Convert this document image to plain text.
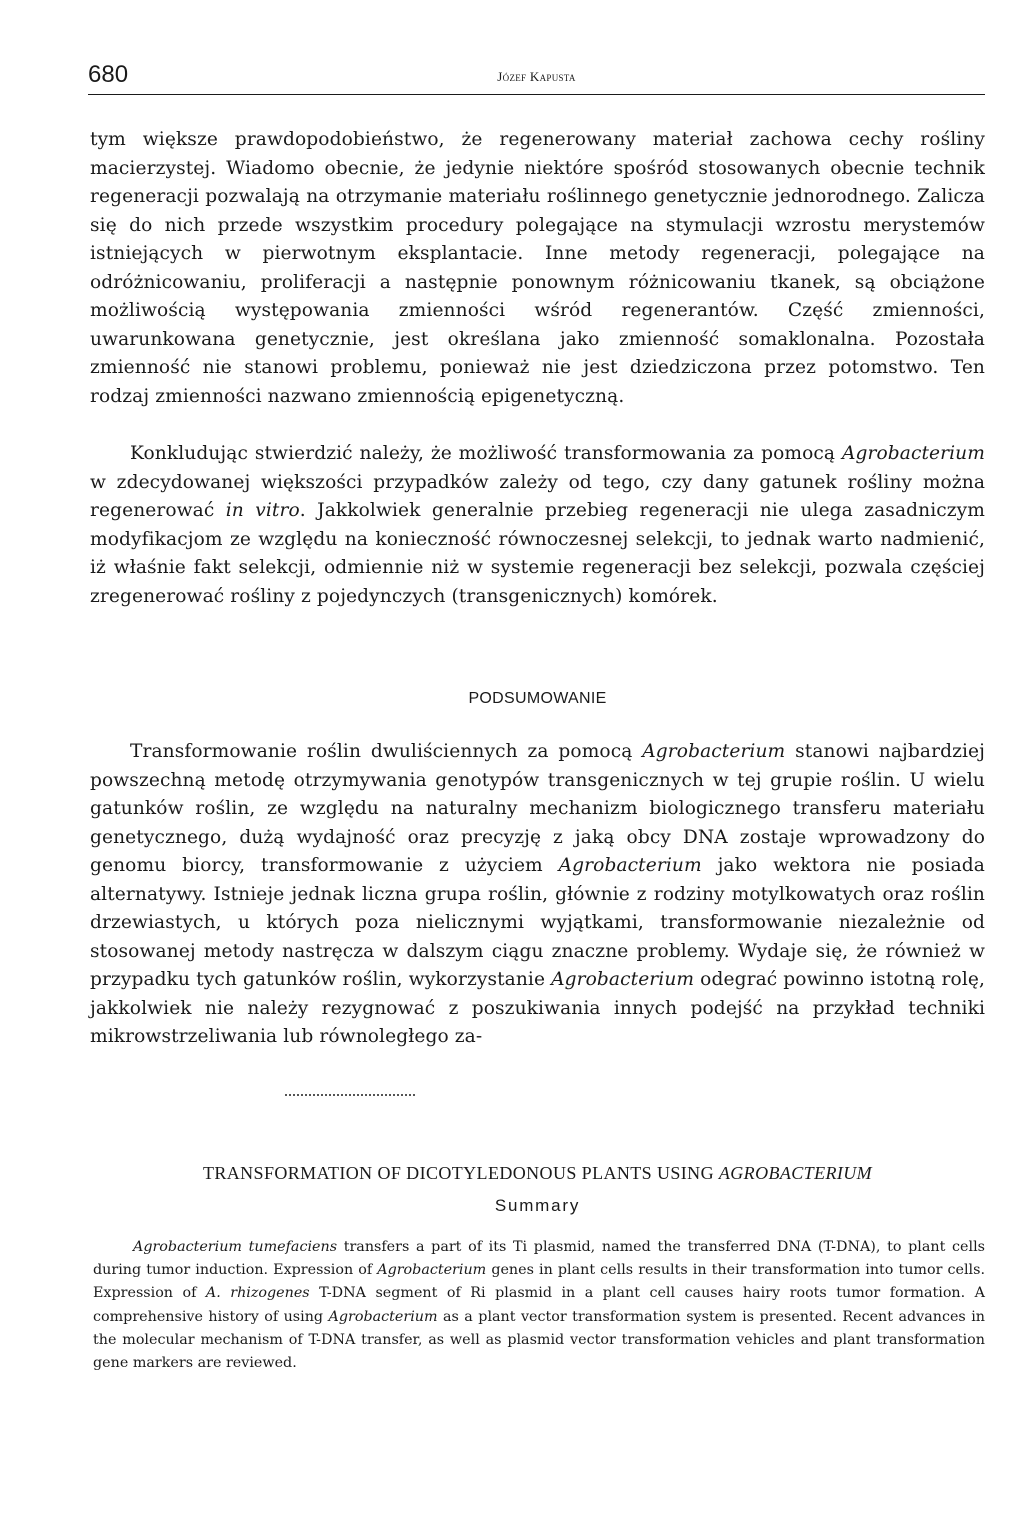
680	Józef Kapusta

tym większe prawdopodobieństwo, że regenerowany materiał zachowa cechy rośliny macierzystej. Wiadomo obecnie, że jedynie niektóre spośród stosowanych obecnie technik regeneracji pozwalają na otrzymanie materiału roślinnego genetycznie jednorodnego. Zalicza się do nich przede wszystkim procedury polegające na stymulacji wzrostu merystemów istniejących w pierwotnym eksplantacie. Inne metody regeneracji, polegające na odróżnicowaniu, proliferacji a następnie ponownym różnicowaniu tkanek, są obciążone możliwością występowania zmienności wśród regenerantów. Część zmienności, uwarunkowana genetycznie, jest określana jako zmienność somaklonalna. Pozostała zmienność nie stanowi problemu, ponieważ nie jest dziedziczona przez potomstwo. Ten rodzaj zmienności nazwano zmiennością epigenetyczną.

Konkludując stwierdzić należy, że możliwość transformowania za pomocą Agrobacterium w zdecydowanej większości przypadków zależy od tego, czy dany gatunek rośliny można regenerować in vitro. Jakkolwiek generalnie przebieg regeneracji nie ulega zasadniczym modyfikacjom ze względu na konieczność równoczesnej selekcji, to jednak warto nadmienić, iż właśnie fakt selekcji, odmiennie niż w systemie regeneracji bez selekcji, pozwala częściej zregenerować rośliny z pojedynczych (transgenicznych) komórek.

PODSUMOWANIE

Transformowanie roślin dwuliściennych za pomocą Agrobacterium stanowi najbardziej powszechną metodę otrzymywania genotypów transgenicznych w tej grupie roślin. U wielu gatunków roślin, ze względu na naturalny mechanizm biologicznego transferu materiału genetycznego, dużą wydajność oraz precyzję z jaką obcy DNA zostaje wprowadzony do genomu biorcy, transformowanie z użyciem Agrobacterium jako wektora nie posiada alternatywy. Istnieje jednak liczna grupa roślin, głównie z rodziny motylkowatych oraz roślin drzewiastych, u których poza nielicznymi wyjątkami, transformowanie niezależnie od stosowanej metody nastręcza w dalszym ciągu znaczne problemy. Wydaje się, że również w przypadku tych gatunków roślin, wykorzystanie Agrobacterium odegrać powinno istotną rolę, jakkolwiek nie należy rezygnować z poszukiwania innych podejść na przykład techniki mikrowstrzeliwania lub równoległego za-

TRANSFORMATION OF DICOTYLEDONOUS PLANTS USING AGROBACTERIUM
Summary

Agrobacterium tumefaciens transfers a part of its Ti plasmid, named the transferred DNA (T-DNA), to plant cells during tumor induction. Expression of Agrobacterium genes in plant cells results in their transformation into tumor cells. Expression of A. rhizogenes T-DNA segment of Ri plasmid in a plant cell causes hairy roots tumor formation. A comprehensive history of using Agrobacterium as a plant vector transformation system is presented. Recent advances in the molecular mechanism of T-DNA transfer, as well as plasmid vector transformation vehicles and plant transformation gene markers are reviewed.
